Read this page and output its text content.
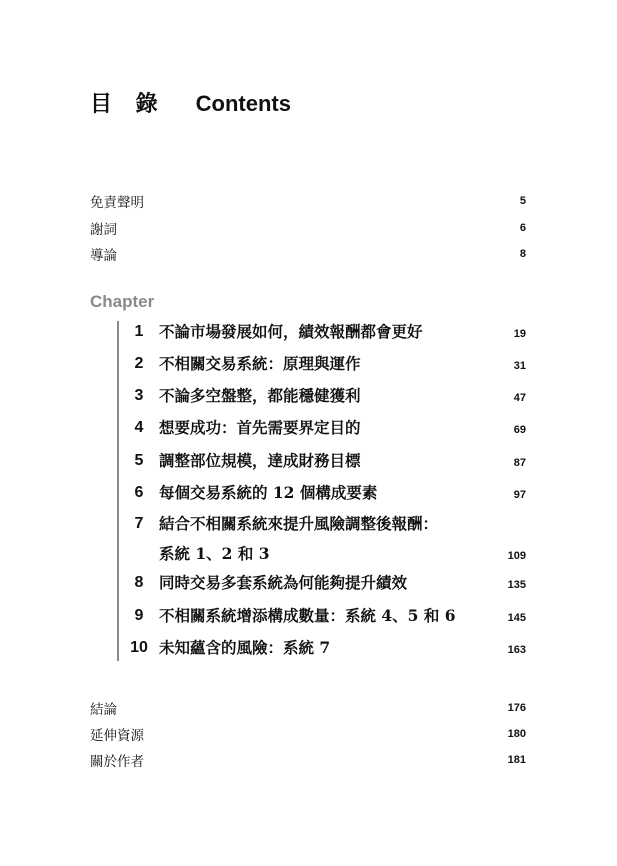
目 錄 Contents
免責聲明	5
謝詞	6
導論	8
Chapter
1	不論市場發展如何，績效報酬都會更好	19
2	不相關交易系統：原理與運作	31
3	不論多空盤整，都能穩健獲利	47
4	想要成功：首先需要界定目的	69
5	調整部位規模，達成財務目標	87
6	每個交易系統的 12 個構成要素	97
7	結合不相關系統來提升風險調整後報酬：
系統 1、2 和 3	109
8	同時交易多套系統為何能夠提升績效	135
9	不相關系統增添構成數量：系統 4、5 和 6	145
10 未知蘊含的風險：系統 7	163
結論	176
延伸資源	180
關於作者	181
